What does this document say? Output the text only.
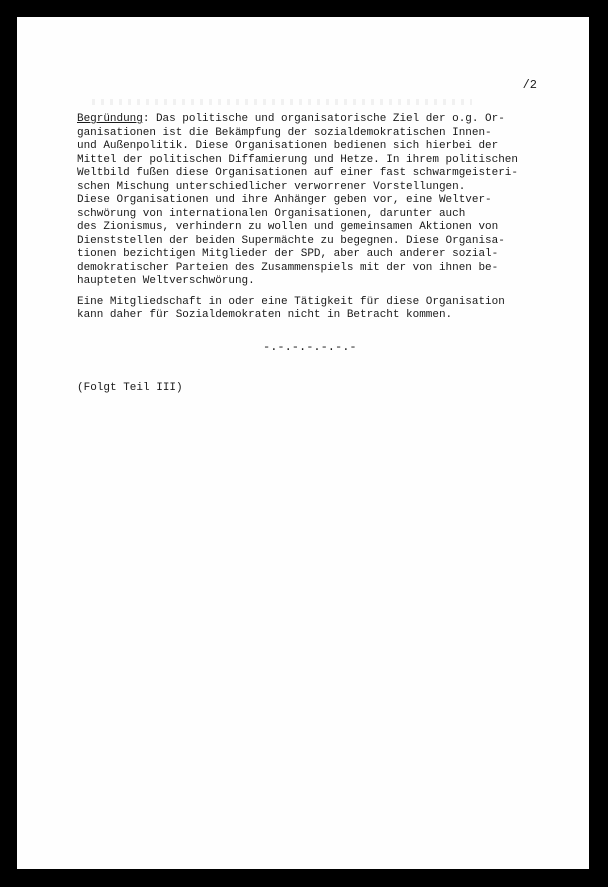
/2
Begründung: Das politische und organisatorische Ziel der o.g. Or-
ganisationen ist die Bekämpfung der sozialdemokratischen Innen-
und Außenpolitik. Diese Organisationen bedienen sich hierbei der
Mittel der politischen Diffamierung und Hetze. In ihrem politischen
Weltbild fußen diese Organisationen auf einer fast schwarmgeisteri-
schen Mischung unterschiedlicher verworrener Vorstellungen.
Diese Organisationen und ihre Anhänger geben vor, eine Weltver-
schwörung von internationalen Organisationen, darunter auch
des Zionismus, verhindern zu wollen und gemeinsamen Aktionen von
Dienststellen der beiden Supermächte zu begegnen. Diese Organisa-
tionen bezichtigen Mitglieder der SPD, aber auch anderer sozial-
demokratischer Parteien des Zusammenspiels mit der von ihnen be-
haupteten Weltverschwörung.
Eine Mitgliedschaft in oder eine Tätigkeit für diese Organisation
kann daher für Sozialdemokraten nicht in Betracht kommen.
-.-.-.-.-.-.-
(Folgt Teil III)
